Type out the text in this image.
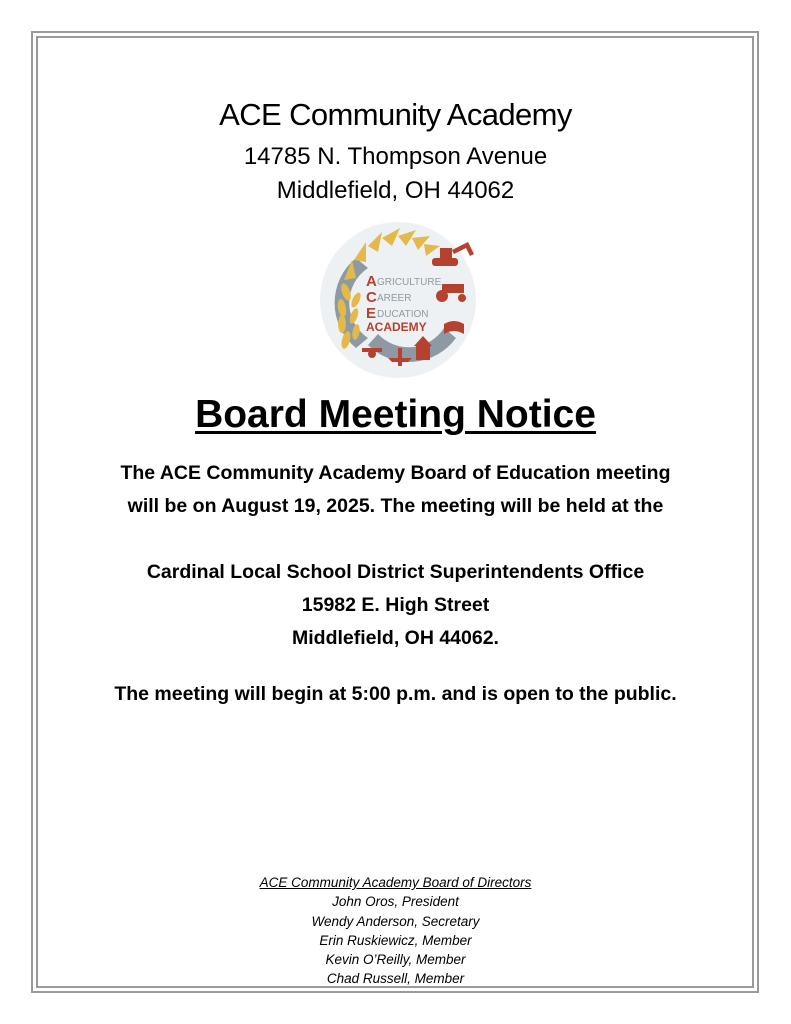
ACE Community Academy
14785 N. Thompson Avenue
Middlefield, OH 44062
A
C
E
GRICULTURE
AREER
DUCATION
ACADEMY
Board Meeting Notice
The ACE Community Academy Board of Education meeting
will be on August 19, 2025. The meeting will be held at the
Cardinal Local School District Superintendents Office
15982 E. High Street
Middlefield, OH 44062.
The meeting will begin at 5:00 p.m. and is open to the public.
ACE Community Academy Board of Directors
John Oros, President
Wendy Anderson, Secretary
Erin Ruskiewicz, Member
Kevin O’Reilly, Member
Chad Russell, Member
